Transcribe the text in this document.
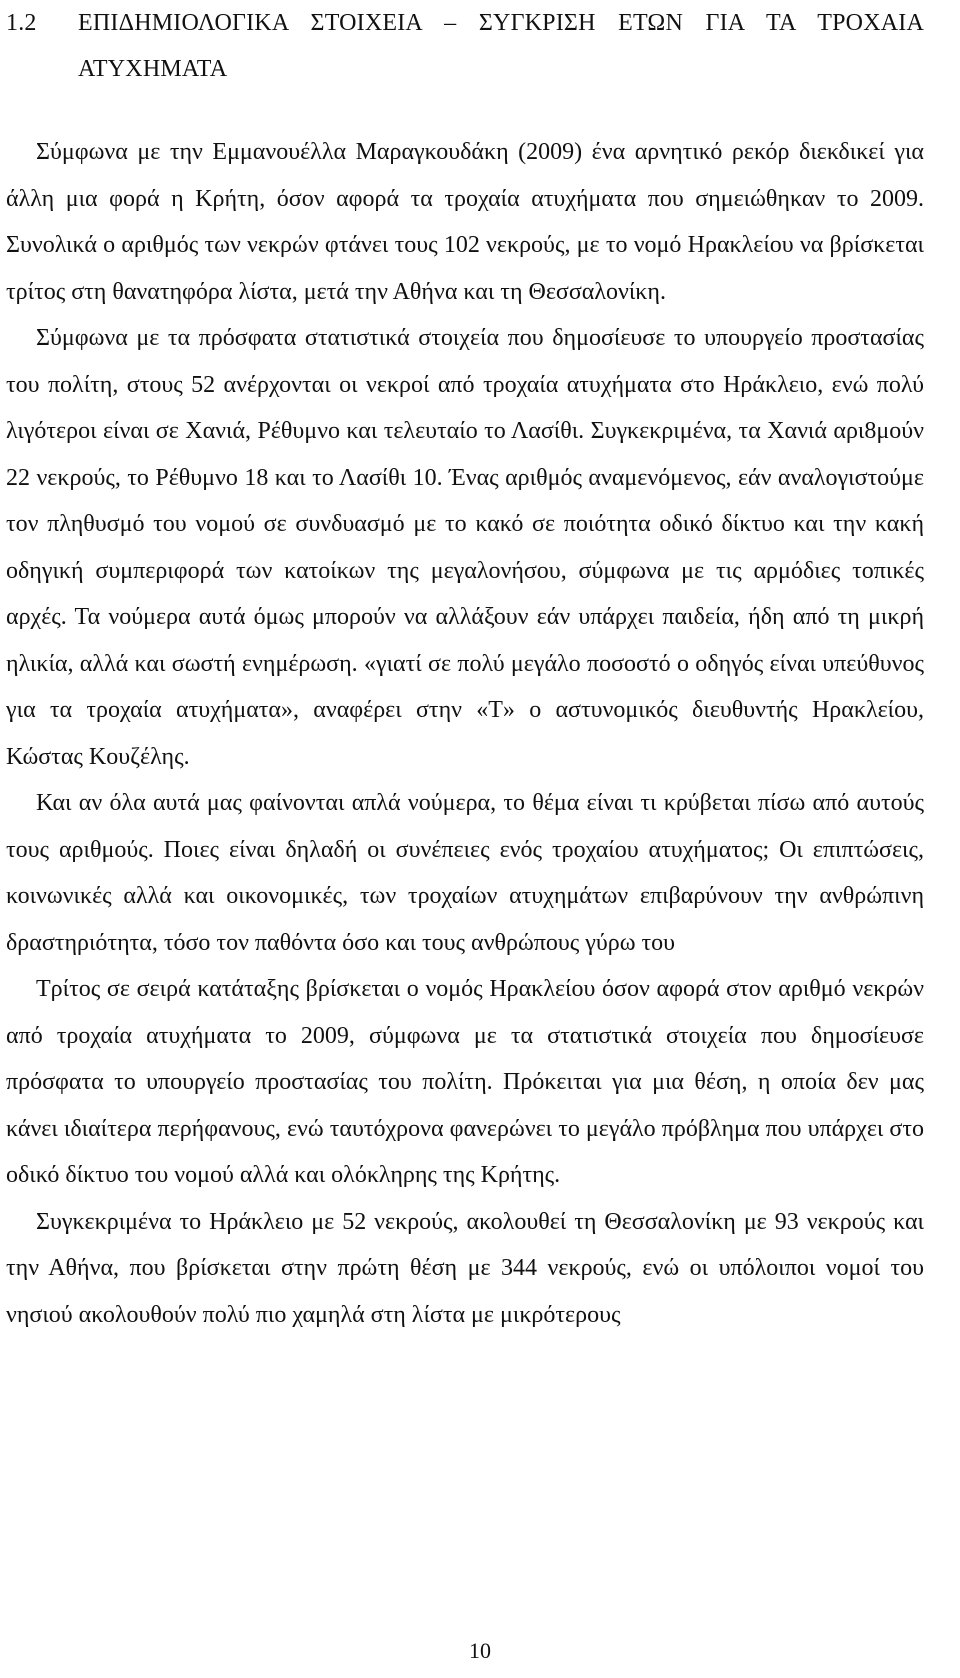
1.2	ΕΠΙΔΗΜΙΟΛΟΓΙΚΑ ΣΤΟΙΧΕΙΑ – ΣΥΓΚΡΙΣΗ ΕΤΩΝ ΓΙΑ ΤΑ ΤΡΟΧΑΙΑ ΑΤΥΧΗΜΑΤΑ

Σύμφωνα με την Εμμανουέλλα Μαραγκουδάκη (2009) ένα αρνητικό ρεκόρ διεκδικεί για άλλη μια φορά η Κρήτη, όσον αφορά τα τροχαία ατυχήματα που σημειώθηκαν το 2009. Συνολικά ο αριθμός των νεκρών φτάνει τους 102 νεκρούς, με το νομό Ηρακλείου να βρίσκεται τρίτος στη θανατηφόρα λίστα, μετά την Αθήνα και τη Θεσσαλονίκη.

Σύμφωνα με τα πρόσφατα στατιστικά στοιχεία που δημοσίευσε το υπουργείο προστασίας του πολίτη, στους 52 ανέρχονται οι νεκροί από τροχαία ατυχήματα στο Ηράκλειο, ενώ πολύ λιγότεροι είναι σε Χανιά, Ρέθυμνο και τελευταίο το Λασίθι. Συγκεκριμένα, τα Χανιά αρι8μούν 22 νεκρούς, το Ρέθυμνο 18 και το Λασίθι 10. Ένας αριθμός αναμενόμενος, εάν αναλογιστούμε τον πληθυσμό του νομού σε συνδυασμό με το κακό σε ποιότητα οδικό δίκτυο και την κακή οδηγική συμπεριφορά των κατοίκων της μεγαλονήσου, σύμφωνα με τις αρμόδιες τοπικές αρχές. Τα νούμερα αυτά όμως μπορούν να αλλάξουν εάν υπάρχει παιδεία, ήδη από τη μικρή ηλικία, αλλά και σωστή ενημέρωση. «γιατί σε πολύ μεγάλο ποσοστό ο οδηγός είναι υπεύθυνος για τα τροχαία ατυχήματα», αναφέρει στην «Τ» ο αστυνομικός διευθυντής Ηρακλείου, Κώστας Κουζέλης.

Και αν όλα αυτά μας φαίνονται απλά νούμερα, το θέμα είναι τι κρύβεται πίσω από αυτούς τους αριθμούς. Ποιες είναι δηλαδή οι συνέπειες ενός τροχαίου ατυχήματος; Οι επιπτώσεις, κοινωνικές αλλά και οικονομικές, των τροχαίων ατυχημάτων επιβαρύνουν την ανθρώπινη δραστηριότητα, τόσο τον παθόντα όσο και τους ανθρώπους γύρω του

Τρίτος σε σειρά κατάταξης βρίσκεται ο νομός Ηρακλείου όσον αφορά στον αριθμό νεκρών από τροχαία ατυχήματα το 2009, σύμφωνα με τα στατιστικά στοιχεία που δημοσίευσε πρόσφατα το υπουργείο προστασίας του πολίτη. Πρόκειται για μια θέση, η οποία δεν μας κάνει ιδιαίτερα περήφανους, ενώ ταυτόχρονα φανερώνει το μεγάλο πρόβλημα που υπάρχει στο οδικό δίκτυο του νομού αλλά και ολόκληρης της Κρήτης.

Συγκεκριμένα το Ηράκλειο με 52 νεκρούς, ακολουθεί τη Θεσσαλονίκη με 93 νεκρούς και την Αθήνα, που βρίσκεται στην πρώτη θέση με 344 νεκρούς, ενώ οι υπόλοιποι νομοί του νησιού ακολουθούν πολύ πιο χαμηλά στη λίστα με μικρότερους

10
